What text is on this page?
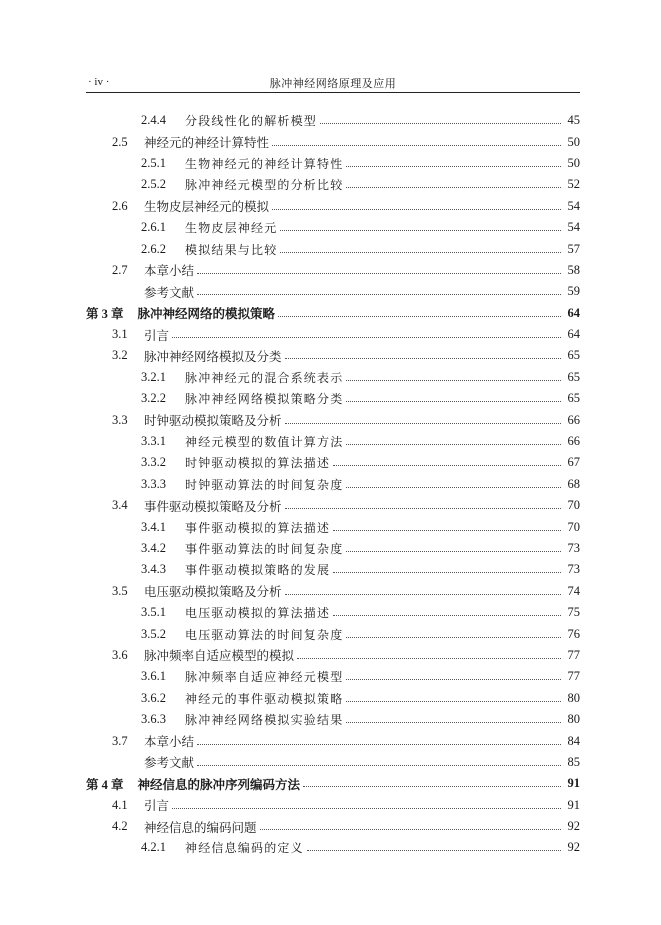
· iv ·	脉冲神经网络原理及应用
2.4.4	分段线性化的解析模型	45
2.5	神经元的神经计算特性	50
2.5.1	生物神经元的神经计算特性	50
2.5.2	脉冲神经元模型的分析比较	52
2.6	生物皮层神经元的模拟	54
2.6.1	生物皮层神经元	54
2.6.2	模拟结果与比较	57
2.7	本章小结	58
参考文献	59
第 3 章 脉冲神经网络的模拟策略	64
3.1	引言	64
3.2	脉冲神经网络模拟及分类	65
3.2.1	脉冲神经元的混合系统表示	65
3.2.2	脉冲神经网络模拟策略分类	65
3.3	时钟驱动模拟策略及分析	66
3.3.1	神经元模型的数值计算方法	66
3.3.2	时钟驱动模拟的算法描述	67
3.3.3	时钟驱动算法的时间复杂度	68
3.4	事件驱动模拟策略及分析	70
3.4.1	事件驱动模拟的算法描述	70
3.4.2	事件驱动算法的时间复杂度	73
3.4.3	事件驱动模拟策略的发展	73
3.5	电压驱动模拟策略及分析	74
3.5.1	电压驱动模拟的算法描述	75
3.5.2	电压驱动算法的时间复杂度	76
3.6	脉冲频率自适应模型的模拟	77
3.6.1	脉冲频率自适应神经元模型	77
3.6.2	神经元的事件驱动模拟策略	80
3.6.3	脉冲神经网络模拟实验结果	80
3.7	本章小结	84
参考文献	85
第 4 章 神经信息的脉冲序列编码方法	91
4.1	引言	91
4.2	神经信息的编码问题	92
4.2.1	神经信息编码的定义	92
